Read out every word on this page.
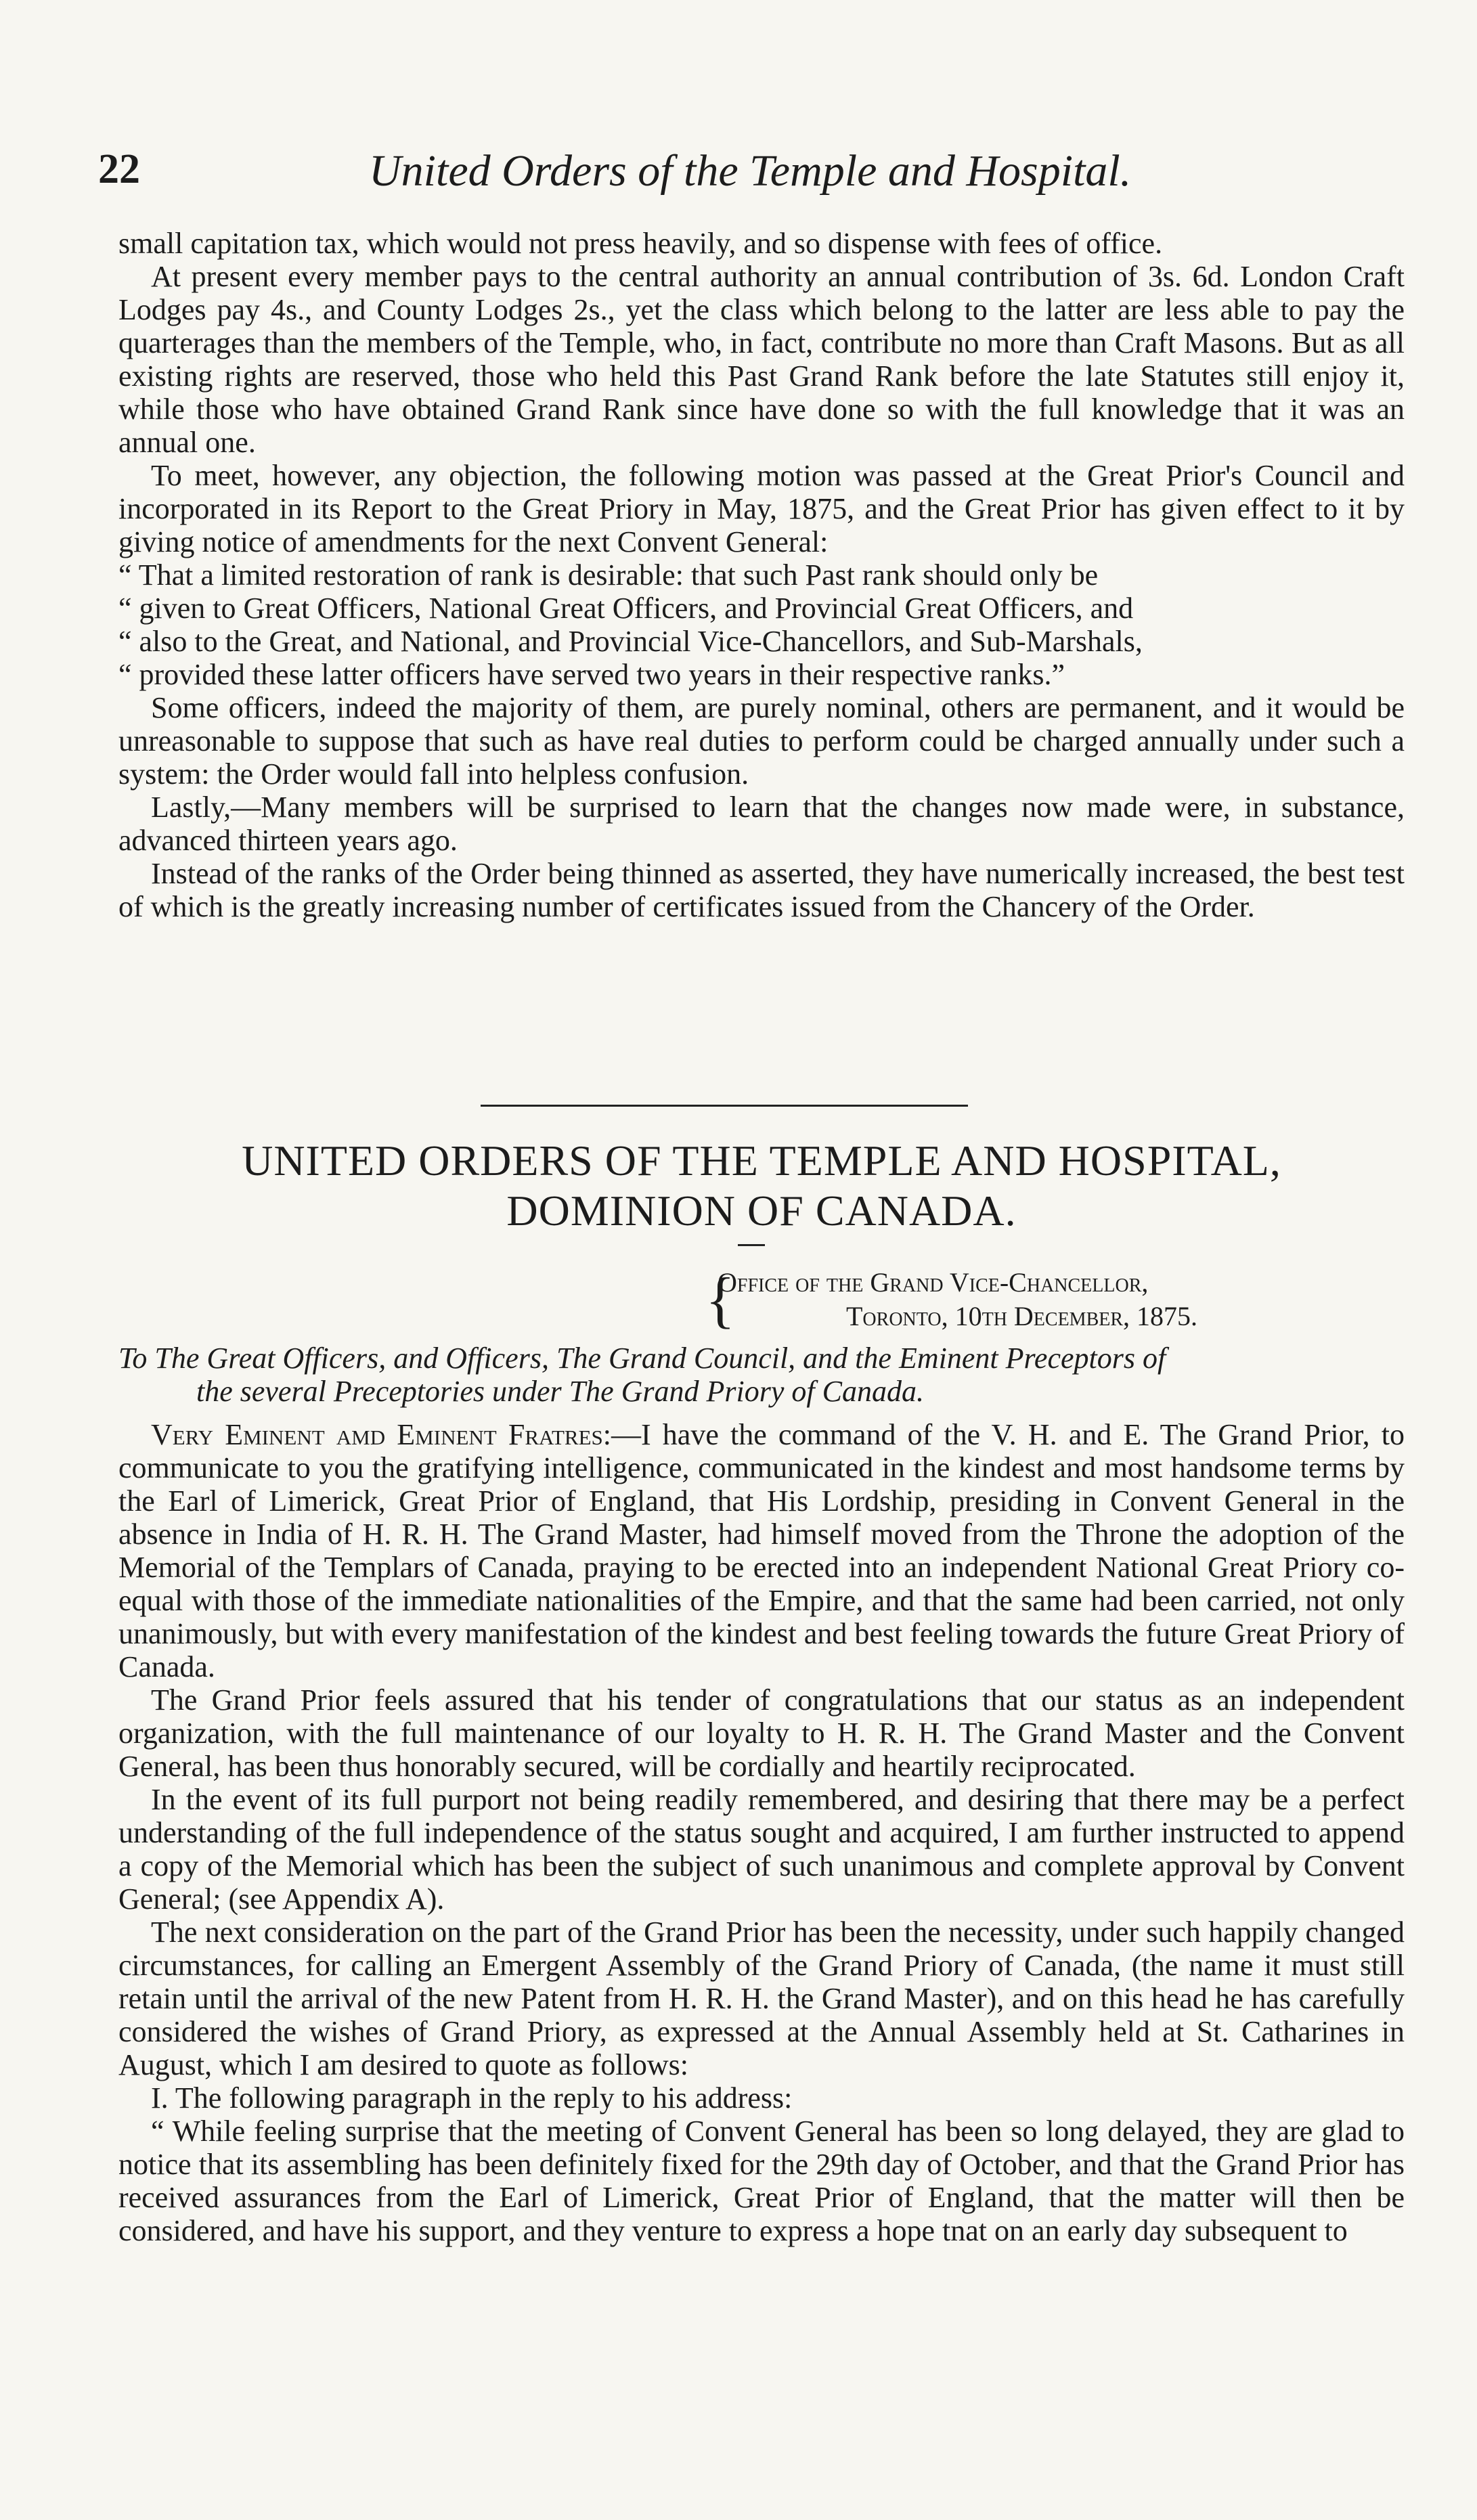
22	United Orders of the Temple and Hospital.

small capitation tax, which would not press heavily, and so dispense with fees of office.

At present every member pays to the central authority an annual contribution of 3s. 6d. London Craft Lodges pay 4s., and County Lodges 2s., yet the class which belong to the latter are less able to pay the quarterages than the members of the Temple, who, in fact, contribute no more than Craft Masons. But as all existing rights are reserved, those who held this Past Grand Rank before the late Statutes still enjoy it, while those who have obtained Grand Rank since have done so with the full knowledge that it was an annual one.

To meet, however, any objection, the following motion was passed at the Great Prior's Council and incorporated in its Report to the Great Priory in May, 1875, and the Great Prior has given effect to it by giving notice of amendments for the next Convent General:

“ That a limited restoration of rank is desirable: that such Past rank should only be

“ given to Great Officers, National Great Officers, and Provincial Great Officers, and

“ also to the Great, and National, and Provincial Vice-Chancellors, and Sub-Marshals,

“ provided these latter officers have served two years in their respective ranks.”

Some officers, indeed the majority of them, are purely nominal, others are permanent, and it would be unreasonable to suppose that such as have real duties to perform could be charged annually under such a system: the Order would fall into helpless confusion.

Lastly,—Many members will be surprised to learn that the changes now made were, in substance, advanced thirteen years ago.

Instead of the ranks of the Order being thinned as asserted, they have numerically increased, the best test of which is the greatly increasing number of certificates issued from the Chancery of the Order.

UNITED ORDERS OF THE TEMPLE AND HOSPITAL,
DOMINION OF CANADA.
{
Office of the Grand Vice-Chancellor,
Toronto, 10th December, 1875.
To The Great Officers, and Officers, The Grand Council, and the Eminent Preceptors of
the several Preceptories under The Grand Priory of Canada.

Very Eminent amd Eminent Fratres:—I have the command of the V. H. and E. The Grand Prior, to communicate to you the gratifying intelligence, communicated in the kindest and most handsome terms by the Earl of Limerick, Great Prior of England, that His Lordship, presiding in Convent General in the absence in India of H. R. H. The Grand Master, had himself moved from the Throne the adoption of the Memorial of the Templars of Canada, praying to be erected into an independent National Great Priory co-equal with those of the immediate nationalities of the Empire, and that the same had been carried, not only unanimously, but with every manifestation of the kindest and best feeling towards the future Great Priory of Canada.

The Grand Prior feels assured that his tender of congratulations that our status as an independent organization, with the full maintenance of our loyalty to H. R. H. The Grand Master and the Convent General, has been thus honorably secured, will be cordially and heartily reciprocated.

In the event of its full purport not being readily remembered, and desiring that there may be a perfect understanding of the full independence of the status sought and acquired, I am further instructed to append a copy of the Memorial which has been the subject of such unanimous and complete approval by Convent General; (see Appendix A).

The next consideration on the part of the Grand Prior has been the necessity, under such happily changed circumstances, for calling an Emergent Assembly of the Grand Priory of Canada, (the name it must still retain until the arrival of the new Patent from H. R. H. the Grand Master), and on this head he has carefully considered the wishes of Grand Priory, as expressed at the Annual Assembly held at St. Catharines in August, which I am desired to quote as follows:

I. The following paragraph in the reply to his address:

“ While feeling surprise that the meeting of Convent General has been so long delayed, they are glad to notice that its assembling has been definitely fixed for the 29th day of October, and that the Grand Prior has received assurances from the Earl of Limerick, Great Prior of England, that the matter will then be considered, and have his support, and they venture to express a hope tnat on an early day subsequent to
